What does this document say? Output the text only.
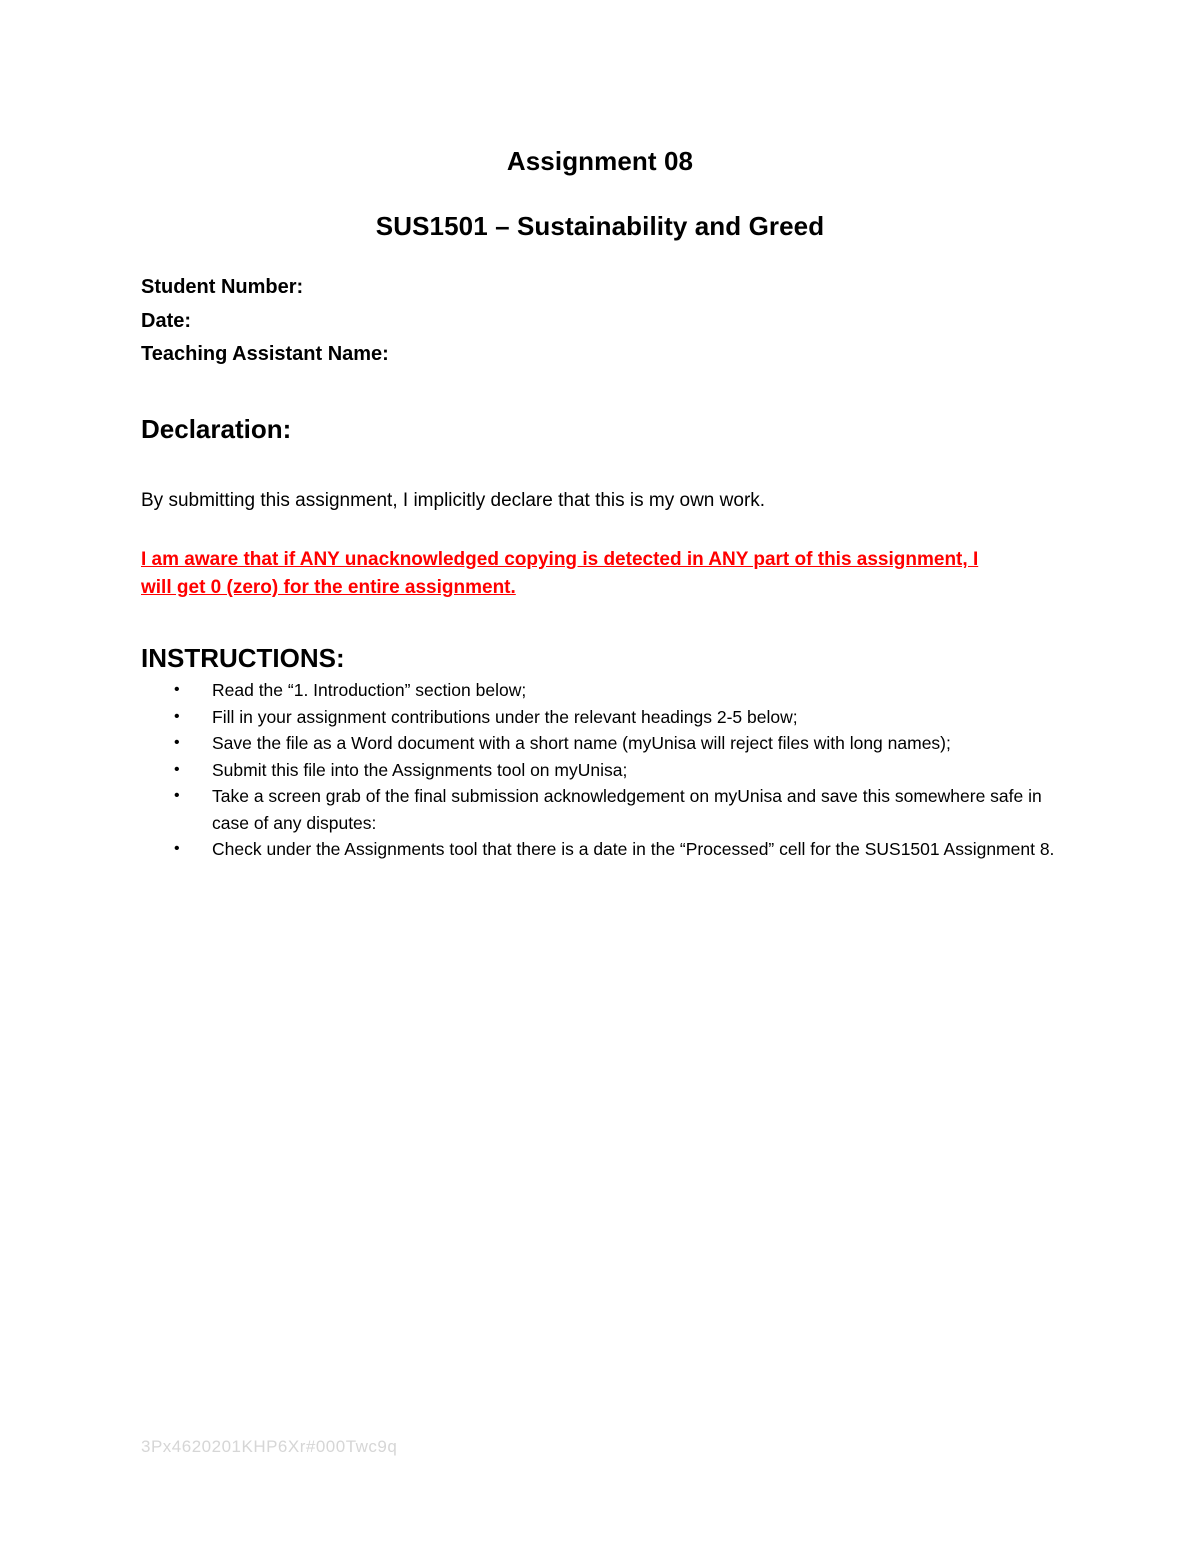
Assignment 08
SUS1501 – Sustainability and Greed
Student Number:
Date:
Teaching Assistant Name:
Declaration:
By submitting this assignment, I implicitly declare that this is my own work.
I am aware that if ANY unacknowledged copying is detected in ANY part of this assignment, I
will get 0 (zero) for the entire assignment.
INSTRUCTIONS:
• Read the “1. Introduction” section below;
• Fill in your assignment contributions under the relevant headings 2-5 below;
• Save the file as a Word document with a short name (myUnisa will reject files with long names);
• Submit this file into the Assignments tool on myUnisa;
• Take a screen grab of the final submission acknowledgement on myUnisa and save this somewhere safe in case of any disputes:
• Check under the Assignments tool that there is a date in the “Processed” cell for the SUS1501 Assignment 8.
3Px4620201KHP6Xr#000Twc9q
